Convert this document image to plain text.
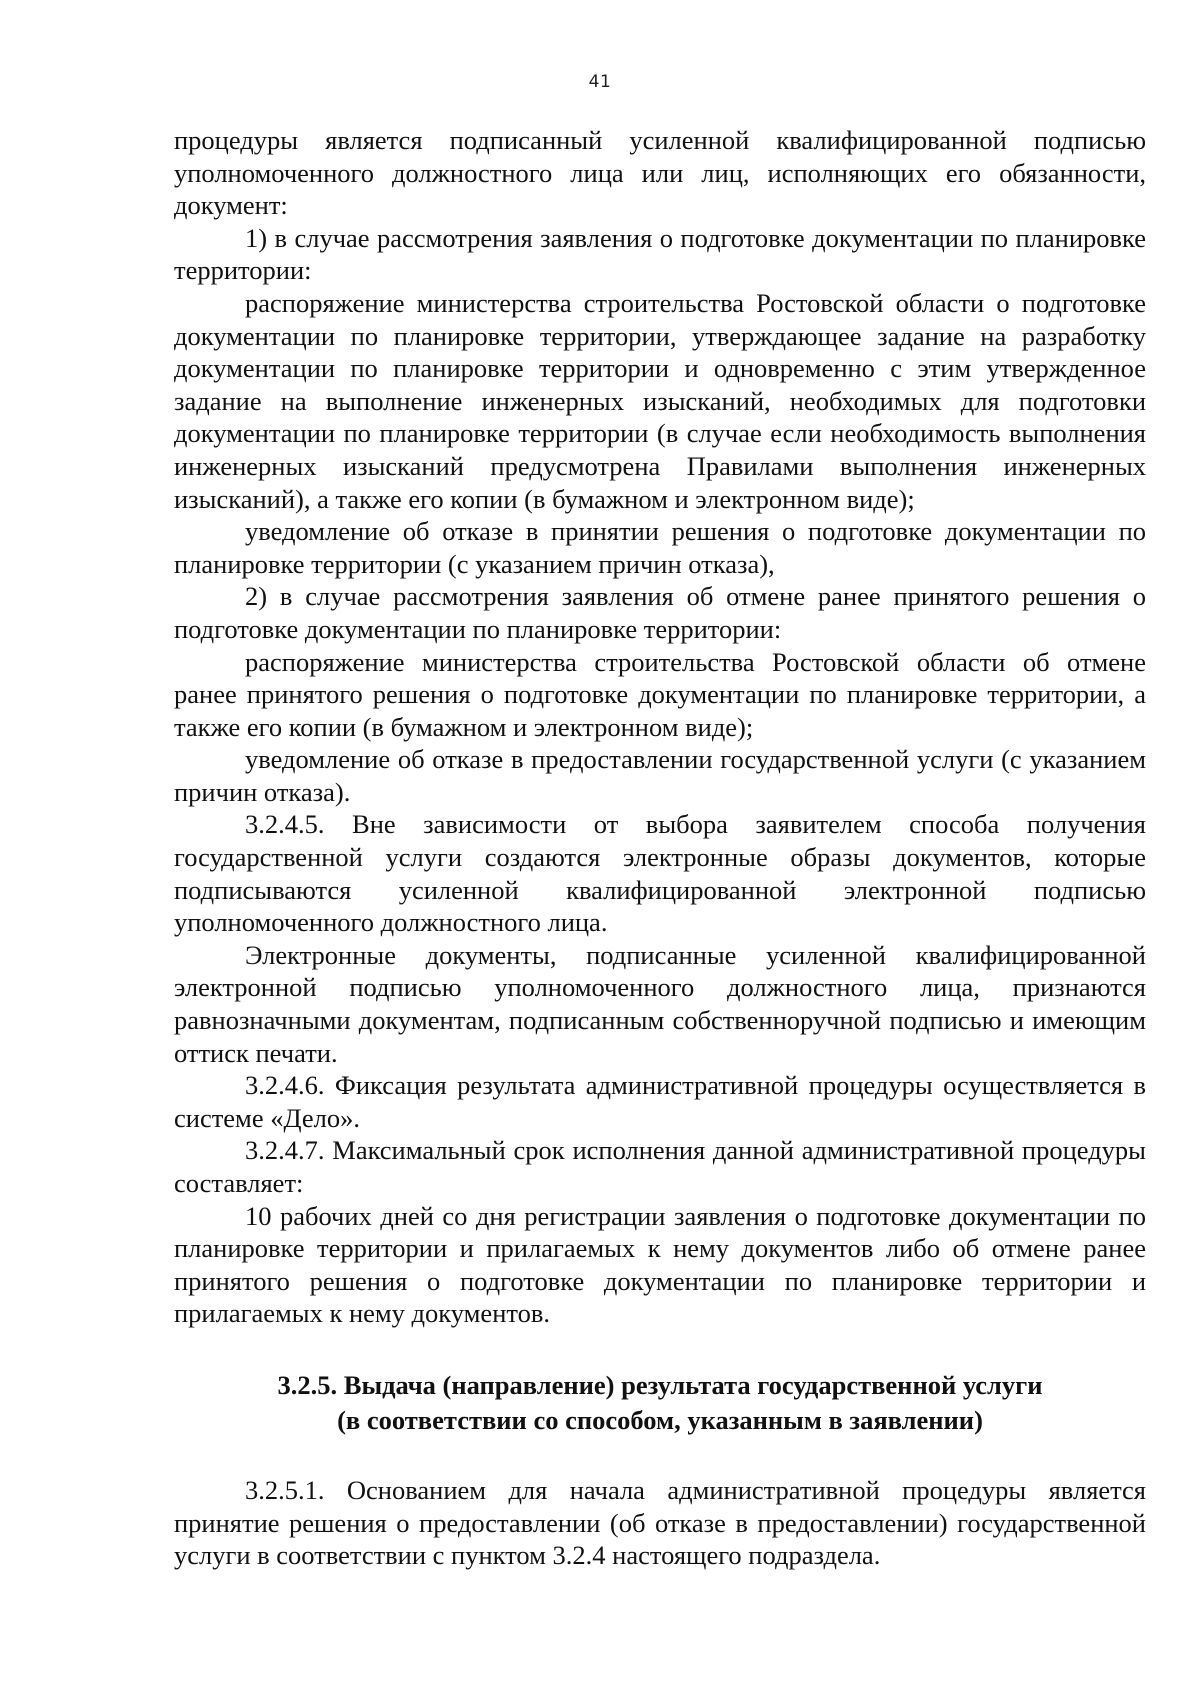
41

процедуры является подписанный усиленной квалифицированной подписью уполномоченного должностного лица или лиц, исполняющих его обязанности, документ:

1) в случае рассмотрения заявления о подготовке документации по планировке территории:

распоряжение министерства строительства Ростовской области о подготовке документации по планировке территории, утверждающее задание на разработку документации по планировке территории и одновременно с этим утвержденное задание на выполнение инженерных изысканий, необходимых для подготовки документации по планировке территории (в случае если необходимость выполнения инженерных изысканий предусмотрена Правилами выполнения инженерных изысканий), а также его копии (в бумажном и электронном виде);

уведомление об отказе в принятии решения о подготовке документации по планировке территории (с указанием причин отказа),

2) в случае рассмотрения заявления об отмене ранее принятого решения о подготовке документации по планировке территории:

распоряжение министерства строительства Ростовской области об отмене ранее принятого решения о подготовке документации по планировке территории, а также его копии (в бумажном и электронном виде);

уведомление об отказе в предоставлении государственной услуги (с указанием причин отказа).

3.2.4.5. Вне зависимости от выбора заявителем способа получения государственной услуги создаются электронные образы документов, которые подписываются усиленной квалифицированной электронной подписью уполномоченного должностного лица.

Электронные документы, подписанные усиленной квалифицированной электронной подписью уполномоченного должностного лица, признаются равнозначными документам, подписанным собственноручной подписью и имеющим оттиск печати.

3.2.4.6. Фиксация результата административной процедуры осуществляется в системе «Дело».

3.2.4.7. Максимальный срок исполнения данной административной процедуры составляет:

10 рабочих дней со дня регистрации заявления о подготовке документации по планировке территории и прилагаемых к нему документов либо об отмене ранее принятого решения о подготовке документации по планировке территории и прилагаемых к нему документов.

3.2.5. Выдача (направление) результата государственной услуги
(в соответствии со способом, указанным в заявлении)

3.2.5.1. Основанием для начала административной процедуры является принятие решения о предоставлении (об отказе в предоставлении) государственной услуги в соответствии с пунктом 3.2.4 настоящего подраздела.
